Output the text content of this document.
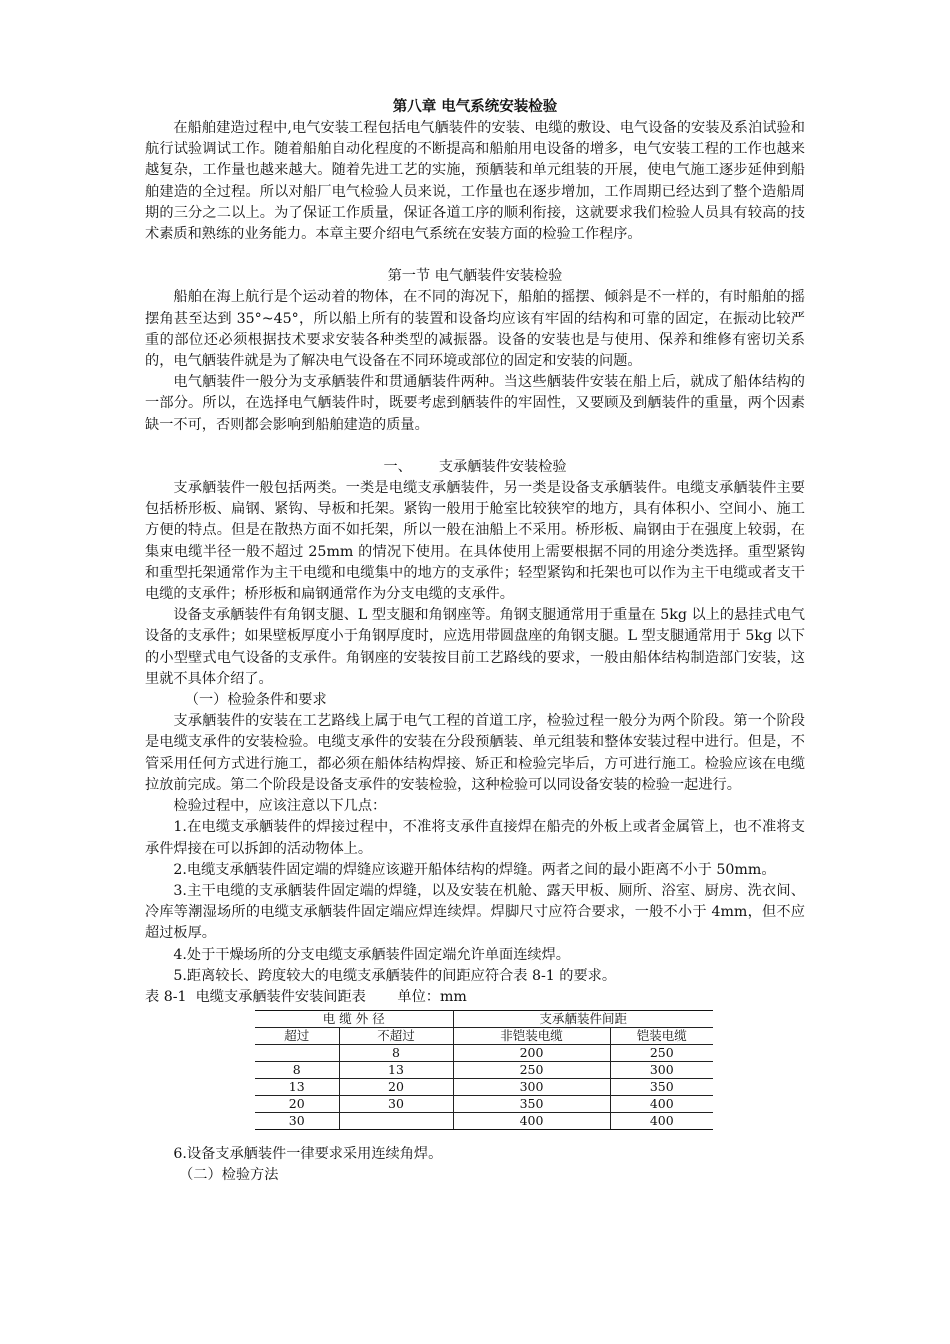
第八章 电气系统安装检验

在船舶建造过程中,电气安装工程包括电气舾装件的安装、电缆的敷设、电气设备的安装及系泊试验和航行试验调试工作。随着船舶自动化程度的不断提高和船舶用电设备的增多，电气安装工程的工作也越来越复杂，工作量也越来越大。随着先进工艺的实施，预舾装和单元组装的开展，使电气施工逐步延伸到船舶建造的全过程。所以对船厂电气检验人员来说，工作量也在逐步增加，工作周期已经达到了整个造船周期的三分之二以上。为了保证工作质量，保证各道工序的顺利衔接，这就要求我们检验人员具有较高的技术素质和熟练的业务能力。本章主要介绍电气系统在安装方面的检验工作程序。

第一节 电气舾装件安装检验

船舶在海上航行是个运动着的物体，在不同的海况下，船舶的摇摆、倾斜是不一样的，有时船舶的摇摆角甚至达到 35°~45°，所以船上所有的装置和设备均应该有牢固的结构和可靠的固定，在振动比较严重的部位还必须根据技术要求安装各种类型的减振器。设备的安装也是与使用、保养和维修有密切关系的，电气舾装件就是为了解决电气设备在不同环境或部位的固定和安装的问题。

电气舾装件一般分为支承舾装件和贯通舾装件两种。当这些舾装件安装在船上后，就成了船体结构的一部分。所以，在选择电气舾装件时，既要考虑到舾装件的牢固性，又要顾及到舾装件的重量，两个因素缺一不可，否则都会影响到船舶建造的质量。

一、      支承舾装件安装检验

支承舾装件一般包括两类。一类是电缆支承舾装件，另一类是设备支承舾装件。电缆支承舾装件主要包括桥形板、扁钢、紧钩、导板和托架。紧钩一般用于舱室比较狭窄的地方，具有体积小、空间小、施工方便的特点。但是在散热方面不如托架，所以一般在油船上不采用。桥形板、扁钢由于在强度上较弱，在集束电缆半径一般不超过 25mm 的情况下使用。在具体使用上需要根据不同的用途分类选择。重型紧钩和重型托架通常作为主干电缆和电缆集中的地方的支承件；轻型紧钩和托架也可以作为主干电缆或者支干电缆的支承件；桥形板和扁钢通常作为分支电缆的支承件。

设备支承舾装件有角钢支腿、L 型支腿和角钢座等。角钢支腿通常用于重量在 5kg 以上的悬挂式电气设备的支承件；如果壁板厚度小于角钢厚度时，应选用带圆盘座的角钢支腿。L 型支腿通常用于 5kg 以下的小型壁式电气设备的支承件。角钢座的安装按目前工艺路线的要求，一般由船体结构制造部门安装，这里就不具体介绍了。

（一）检验条件和要求

支承舾装件的安装在工艺路线上属于电气工程的首道工序，检验过程一般分为两个阶段。第一个阶段是电缆支承件的安装检验。电缆支承件的安装在分段预舾装、单元组装和整体安装过程中进行。但是，不管采用任何方式进行施工，都必须在船体结构焊接、矫正和检验完毕后，方可进行施工。检验应该在电缆拉放前完成。第二个阶段是设备支承件的安装检验，这种检验可以同设备安装的检验一起进行。

检验过程中，应该注意以下几点：

1.在电缆支承舾装件的焊接过程中，不准将支承件直接焊在船壳的外板上或者金属管上，也不准将支承件焊接在可以拆卸的活动物体上。

2.电缆支承舾装件固定端的焊缝应该避开船体结构的焊缝。两者之间的最小距离不小于 50mm。

3.主干电缆的支承舾装件固定端的焊缝，以及安装在机舱、露天甲板、厕所、浴室、厨房、洗衣间、冷库等潮湿场所的电缆支承舾装件固定端应焊连续焊。焊脚尺寸应符合要求，一般不小于 4mm，但不应超过板厚。

4.处于干燥场所的分支电缆支承舾装件固定端允许单面连续焊。

5.距离较长、跨度较大的电缆支承舾装件的间距应符合表 8-1 的要求。

表 8-1  电缆支承舾装件安装间距表       单位：mm

电 缆 外 径		支承舾装件间距	
超过	不超过	非铠装电缆	铠装电缆
	8	200	250
8	13	250	300
13	20	300	350
20	30	350	400
30		400	400

6.设备支承舾装件一律要求采用连续角焊。

（二）检验方法
